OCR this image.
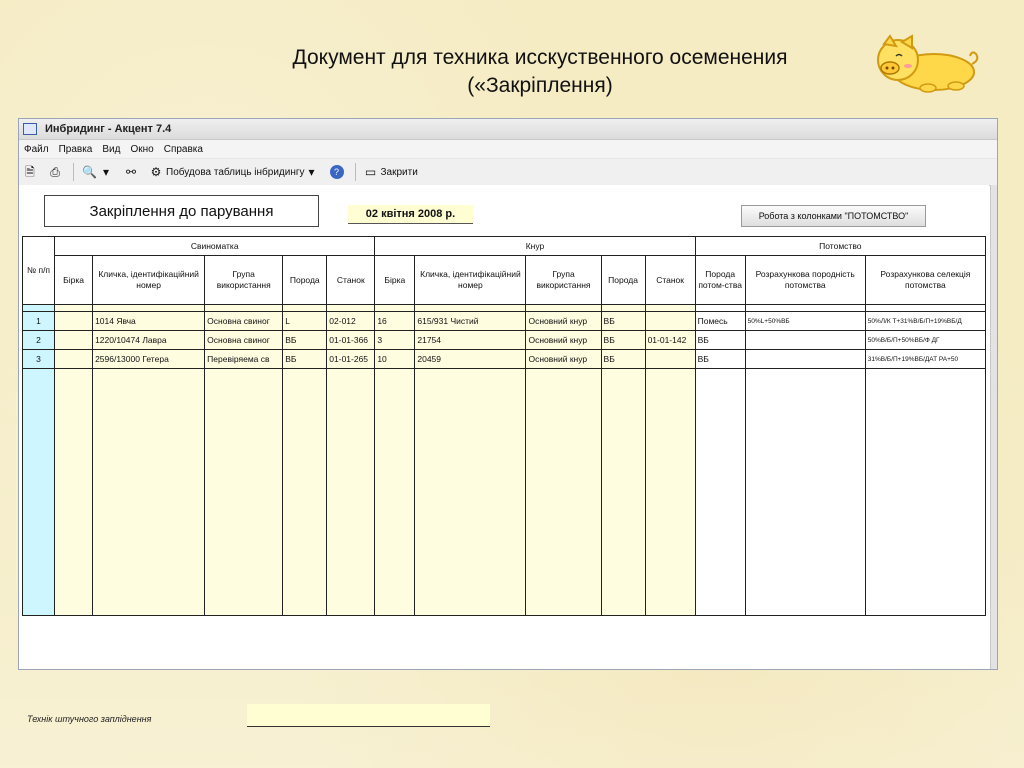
Документ для техника исскуственного осеменения
(«Закріплення)
Инбридинг - Акцент 7.4
Файл	Правка	Вид	Окно	Справка
🗎 ⎙ 🔍 ▾	⚯ ⚙ Побудова таблиць інбридингу ▾	?	▭ Закрити
Закріплення до парування	02 квітня 2008 р.	Робота з колонками "ПОТОМСТВО"
№ п/п	Свиноматка					Кнур					Потомство		
	Бірка	Кличка, ідентифікаційний номер	Група використання	Порода	Станок	Бірка	Кличка, ідентифікаційний номер	Група використання	Порода	Станок	Порода потом-ства	Розрахункова породність потомства	Розрахункова селекція потомства

1		1014 Явча	Основна свиног	L	02-012	16	615/931 Чистий	Основний кнур	ВБ		Помесь	50%L+50%ВБ	50%Л/К Т+31%В/Б/П+19%ВБ/Д
2		1220/10474 Лавра	Основна свиног	ВБ	01-01-366	3	21754	Основний кнур	ВБ	01-01-142	ВБ		50%В/Б/П+50%ВБ/Ф ДГ
3		2596/13000 Гетера	Перевіряема св	ВБ	01-01-265	10	20459	Основний кнур	ВБ		ВБ		31%В/Б/П+19%ВБ/ДАТ РА+50

Технік штучного запліднення
